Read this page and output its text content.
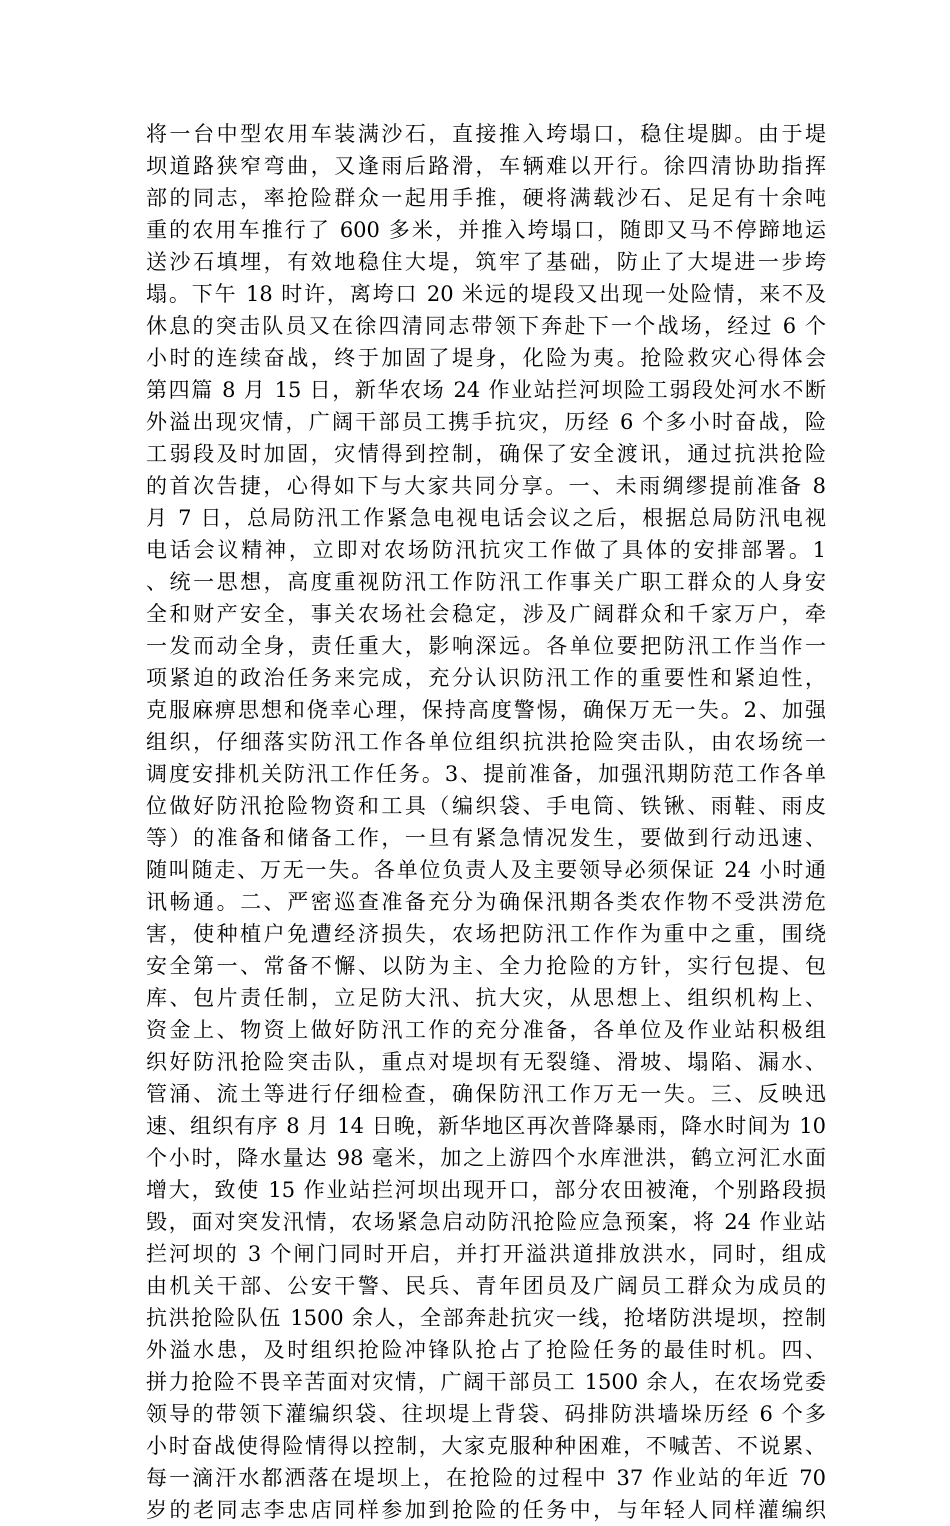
将一台中型农用车装满沙石，直接推入垮塌口，稳住堤脚。由于堤
坝道路狭窄弯曲，又逢雨后路滑，车辆难以开行。徐四清协助指挥
部的同志，率抢险群众一起用手推，硬将满载沙石、足足有十余吨
重的农用车推行了 600 多米，并推入垮塌口，随即又马不停蹄地运
送沙石填埋，有效地稳住大堤，筑牢了基础，防止了大堤进一步垮
塌。下午 18 时许，离垮口 20 米远的堤段又出现一处险情，来不及
休息的突击队员又在徐四清同志带领下奔赴下一个战场，经过 6 个
小时的连续奋战，终于加固了堤身，化险为夷。抢险救灾心得体会
第四篇 8 月 15 日，新华农场 24 作业站拦河坝险工弱段处河水不断
外溢出现灾情，广阔干部员工携手抗灾，历经 6 个多小时奋战，险
工弱段及时加固，灾情得到控制，确保了安全渡讯，通过抗洪抢险
的首次告捷，心得如下与大家共同分享。一、未雨绸缪提前准备 8
月 7 日，总局防汛工作紧急电视电话会议之后，根据总局防汛电视
电话会议精神，立即对农场防汛抗灾工作做了具体的安排部署。1
、统一思想，高度重视防汛工作防汛工作事关广职工群众的人身安
全和财产安全，事关农场社会稳定，涉及广阔群众和千家万户，牵
一发而动全身，责任重大，影响深远。各单位要把防汛工作当作一
项紧迫的政治任务来完成，充分认识防汛工作的重要性和紧迫性，
克服麻痹思想和侥幸心理，保持高度警惕，确保万无一失。2、加强
组织，仔细落实防汛工作各单位组织抗洪抢险突击队，由农场统一
调度安排机关防汛工作任务。3、提前准备，加强汛期防范工作各单
位做好防汛抢险物资和工具（编织袋、手电筒、铁锹、雨鞋、雨皮
等）的准备和储备工作，一旦有紧急情况发生，要做到行动迅速、
随叫随走、万无一失。各单位负责人及主要领导必须保证 24 小时通
讯畅通。二、严密巡查准备充分为确保汛期各类农作物不受洪涝危
害，使种植户免遭经济损失，农场把防汛工作作为重中之重，围绕
安全第一、常备不懈、以防为主、全力抢险的方针，实行包提、包
库、包片责任制，立足防大汛、抗大灾，从思想上、组织机构上、
资金上、物资上做好防汛工作的充分准备，各单位及作业站积极组
织好防汛抢险突击队，重点对堤坝有无裂缝、滑坡、塌陷、漏水、
管涌、流土等进行仔细检查，确保防汛工作万无一失。三、反映迅
速、组织有序 8 月 14 日晚，新华地区再次普降暴雨，降水时间为 10
个小时，降水量达 98 毫米，加之上游四个水库泄洪，鹤立河汇水面
增大，致使 15 作业站拦河坝出现开口，部分农田被淹，个别路段损
毁，面对突发汛情，农场紧急启动防汛抢险应急预案，将 24 作业站
拦河坝的 3 个闸门同时开启，并打开溢洪道排放洪水，同时，组成
由机关干部、公安干警、民兵、青年团员及广阔员工群众为成员的
抗洪抢险队伍 1500 余人，全部奔赴抗灾一线，抢堵防洪堤坝，控制
外溢水患，及时组织抢险冲锋队抢占了抢险任务的最佳时机。四、
拼力抢险不畏辛苦面对灾情，广阔干部员工 1500 余人，在农场党委
领导的带领下灌编织袋、往坝堤上背袋、码排防洪墙垛历经 6 个多
小时奋战使得险情得以控制，大家克服种种困难，不喊苦、不说累、
每一滴汗水都洒落在堤坝上，在抢险的过程中 37 作业站的年近 70
岁的老同志李忠店同样参加到抢险的任务中，与年轻人同样灌编织
